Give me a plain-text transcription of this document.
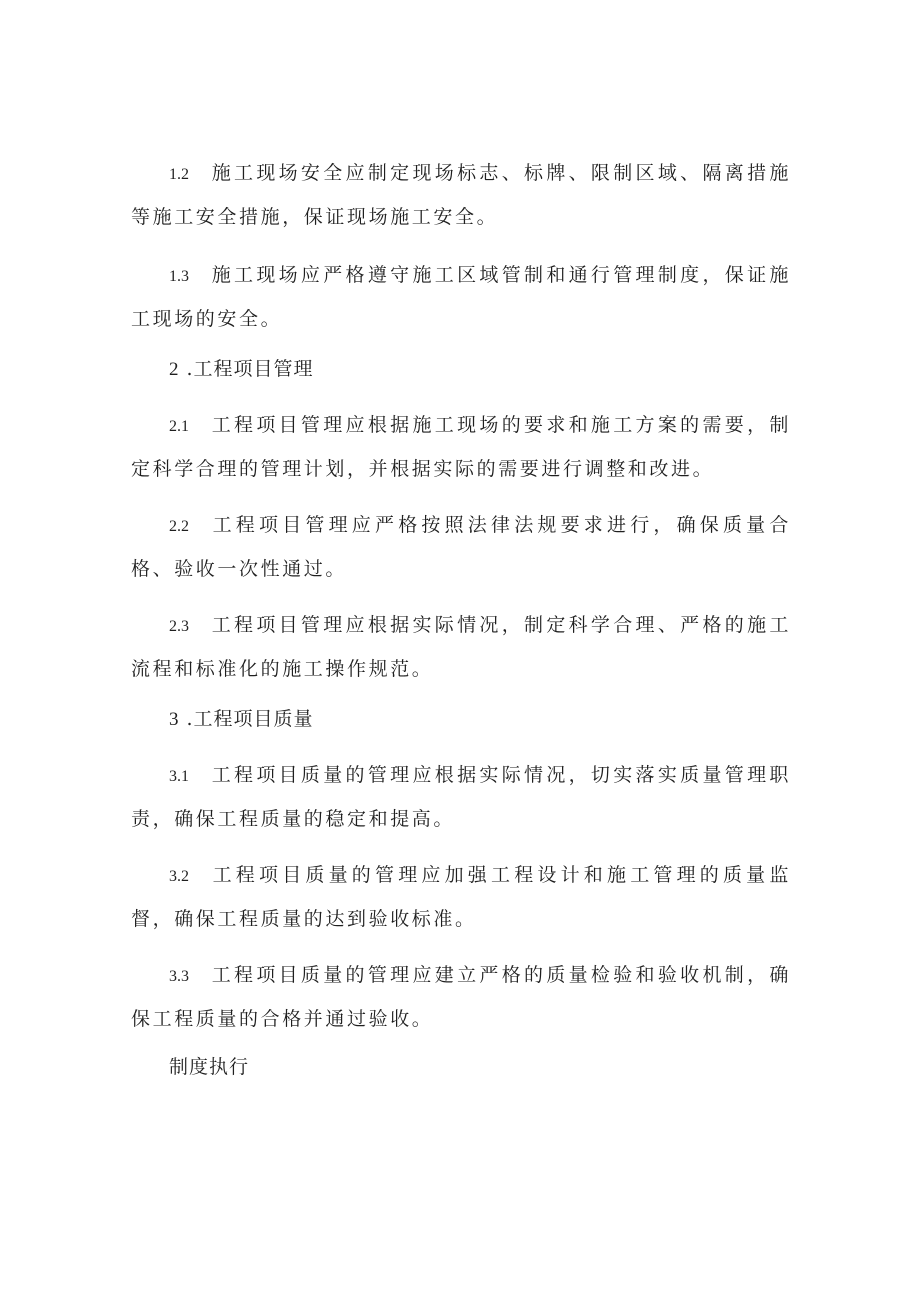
1.2 施工现场安全应制定现场标志、标牌、限制区域、隔离措施等施工安全措施，保证现场施工安全。
1.3 施工现场应严格遵守施工区域管制和通行管理制度，保证施工现场的安全。
2 .工程项目管理
2.1 工程项目管理应根据施工现场的要求和施工方案的需要，制定科学合理的管理计划，并根据实际的需要进行调整和改进。
2.2 工程项目管理应严格按照法律法规要求进行，确保质量合格、验收一次性通过。
2.3 工程项目管理应根据实际情况，制定科学合理、严格的施工流程和标准化的施工操作规范。
3 .工程项目质量
3.1 工程项目质量的管理应根据实际情况，切实落实质量管理职责，确保工程质量的稳定和提高。
3.2 工程项目质量的管理应加强工程设计和施工管理的质量监督，确保工程质量的达到验收标准。
3.3 工程项目质量的管理应建立严格的质量检验和验收机制，确保工程质量的合格并通过验收。
制度执行
